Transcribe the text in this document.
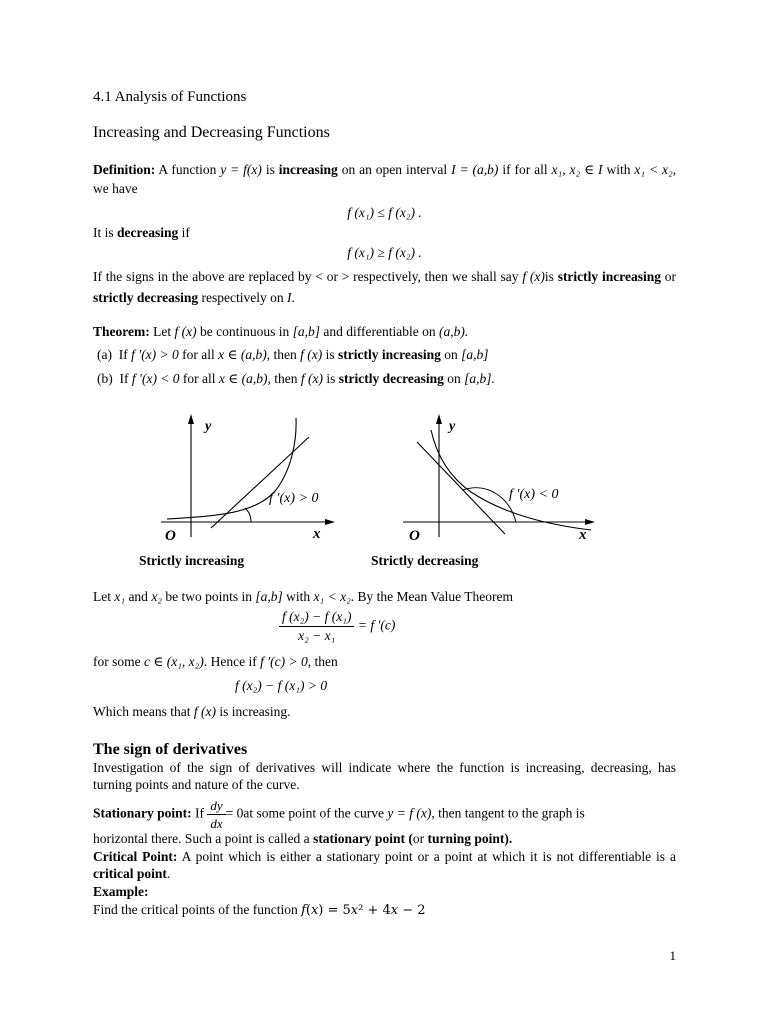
4.1 Analysis of Functions
Increasing and Decreasing Functions
Definition: A function y = f(x) is increasing on an open interval I = (a,b) if for all x₁, x₂ ∈ I with x₁ < x₂, we have
f (x₁) ≤ f (x₂) .
It is decreasing if
f (x₁) ≥ f (x₂) .
If the signs in the above are replaced by < or > respectively, then we shall say f (x)is strictly increasing or strictly decreasing respectively on I.
Theorem: Let f (x) be continuous in [a,b] and differentiable on (a,b).
(a) If f ′(x) > 0 for all x ∈ (a,b), then f (x) is strictly increasing on [a,b]
(b) If f ′(x) < 0 for all x ∈ (a,b), then f (x) is strictly decreasing on [a,b].
y
x
O
f ′(x) > 0
Strictly increasing
y
x
O
f ′(x) < 0
Strictly decreasing
Let x₁ and x₂ be two points in [a,b] with x₁ < x₂. By the Mean Value Theorem
$\frac{\text{f (x₂) − f (x₁)}}{\text{x₂ − x₁}} = f$ ′(c)
for some c ∈ (x₁, x₂). Hence if f ′(c) > 0, then
f (x₂) − f (x₁) > 0
Which means that f (x) is increasing.
The sign of derivatives
Investigation of the sign of derivatives will indicate where the function is increasing, decreasing, has turning points and nature of the curve.
Stationary point: If $\frac{dy}{dx} = 0at$ some point of the curve y = f (x), then tangent to the graph is
horizontal there. Such a point is called a stationary point (or turning point).
Critical Point: A point which is either a stationary point or a point at which it is not differentiable is a critical point.
Example:
Find the critical points of the function 𝑓(𝑥) = 5𝑥² + 4𝑥 − 2
1
